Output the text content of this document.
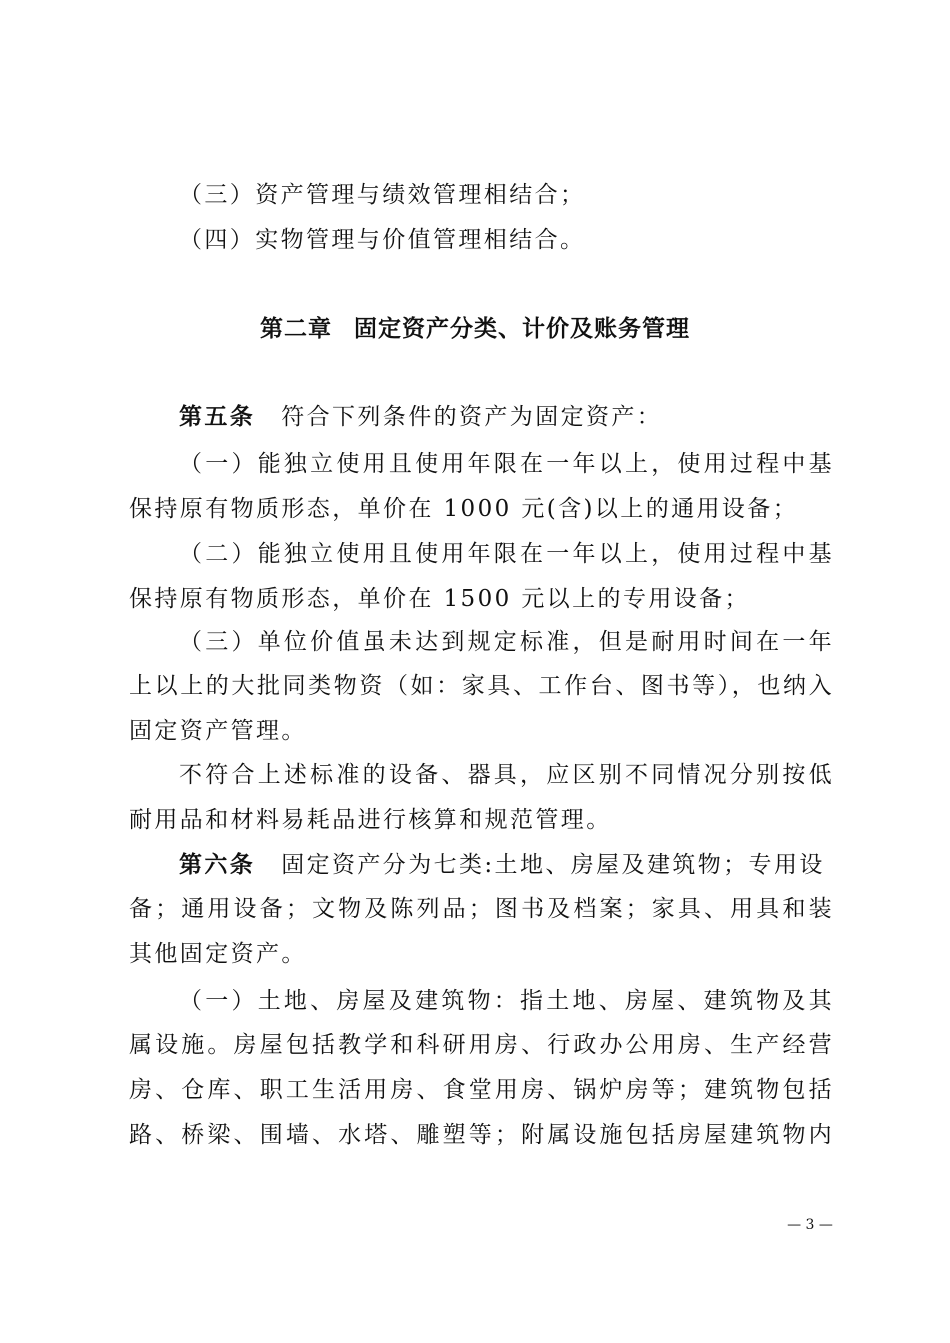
（三）资产管理与绩效管理相结合；
（四）实物管理与价值管理相结合。
第二章 固定资产分类、计价及账务管理
第五条 符合下列条件的资产为固定资产：
（一）能独立使用且使用年限在一年以上，使用过程中基
保持原有物质形态，单价在 1000 元(含)以上的通用设备；
（二）能独立使用且使用年限在一年以上，使用过程中基
保持原有物质形态，单价在 1500 元以上的专用设备；
（三）单位价值虽未达到规定标准，但是耐用时间在一年
上以上的大批同类物资（如：家具、工作台、图书等），也纳入
固定资产管理。
不符合上述标准的设备、器具，应区别不同情况分别按低
耐用品和材料易耗品进行核算和规范管理。
第六条 固定资产分为七类:土地、房屋及建筑物；专用设
备；通用设备；文物及陈列品；图书及档案；家具、用具和装
其他固定资产。
（一）土地、房屋及建筑物：指土地、房屋、建筑物及其
属设施。房屋包括教学和科研用房、行政办公用房、生产经营
房、仓库、职工生活用房、食堂用房、锅炉房等；建筑物包括
路、桥梁、围墙、水塔、雕塑等；附属设施包括房屋建筑物内
— 3 —
